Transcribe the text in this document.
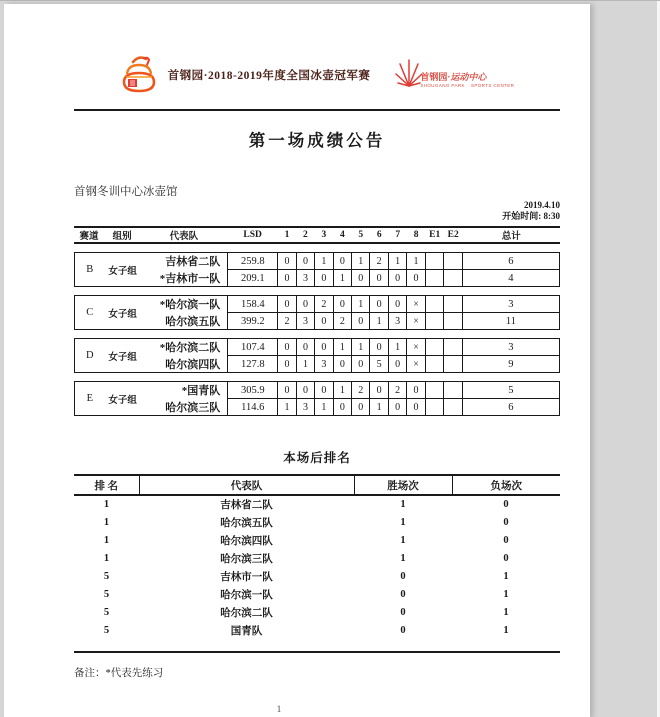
首钢园·2018-2019年度全国冰壶冠军赛	首钢园·运动中心
SHOUGANG PARK SPORTS CENTER
第一场成绩公告
首钢冬训中心冰壶馆
2019.4.10
开始时间: 8:30
赛道	组别	代表队	LSD	1	2	3	4	5	6	7	8	E1	E2	总计
B	女子组	吉林省二队	259.8	0	0	1	0	1	2	1	1			6
		*吉林市一队	209.1	0	3	0	1	0	0	0	0			4
C	女子组	*哈尔滨一队	158.4	0	0	2	0	1	0	0	×			3
		哈尔滨五队	399.2	2	3	0	2	0	1	3	×			11
D	女子组	*哈尔滨二队	107.4	0	0	0	1	1	0	1	×			3
		哈尔滨四队	127.8	0	1	3	0	0	5	0	×			9
E	女子组	*国青队	305.9	0	0	0	1	2	0	2	0			5
		哈尔滨三队	114.6	1	3	1	0	0	1	0	0			6
本场后排名
排 名	代表队	胜场次	负场次
1	吉林省二队	1	0
1	哈尔滨五队	1	0
1	哈尔滨四队	1	0
1	哈尔滨三队	1	0
5	吉林市一队	0	1
5	哈尔滨一队	0	1
5	哈尔滨二队	0	1
5	国青队	0	1
备注：*代表先练习
1
